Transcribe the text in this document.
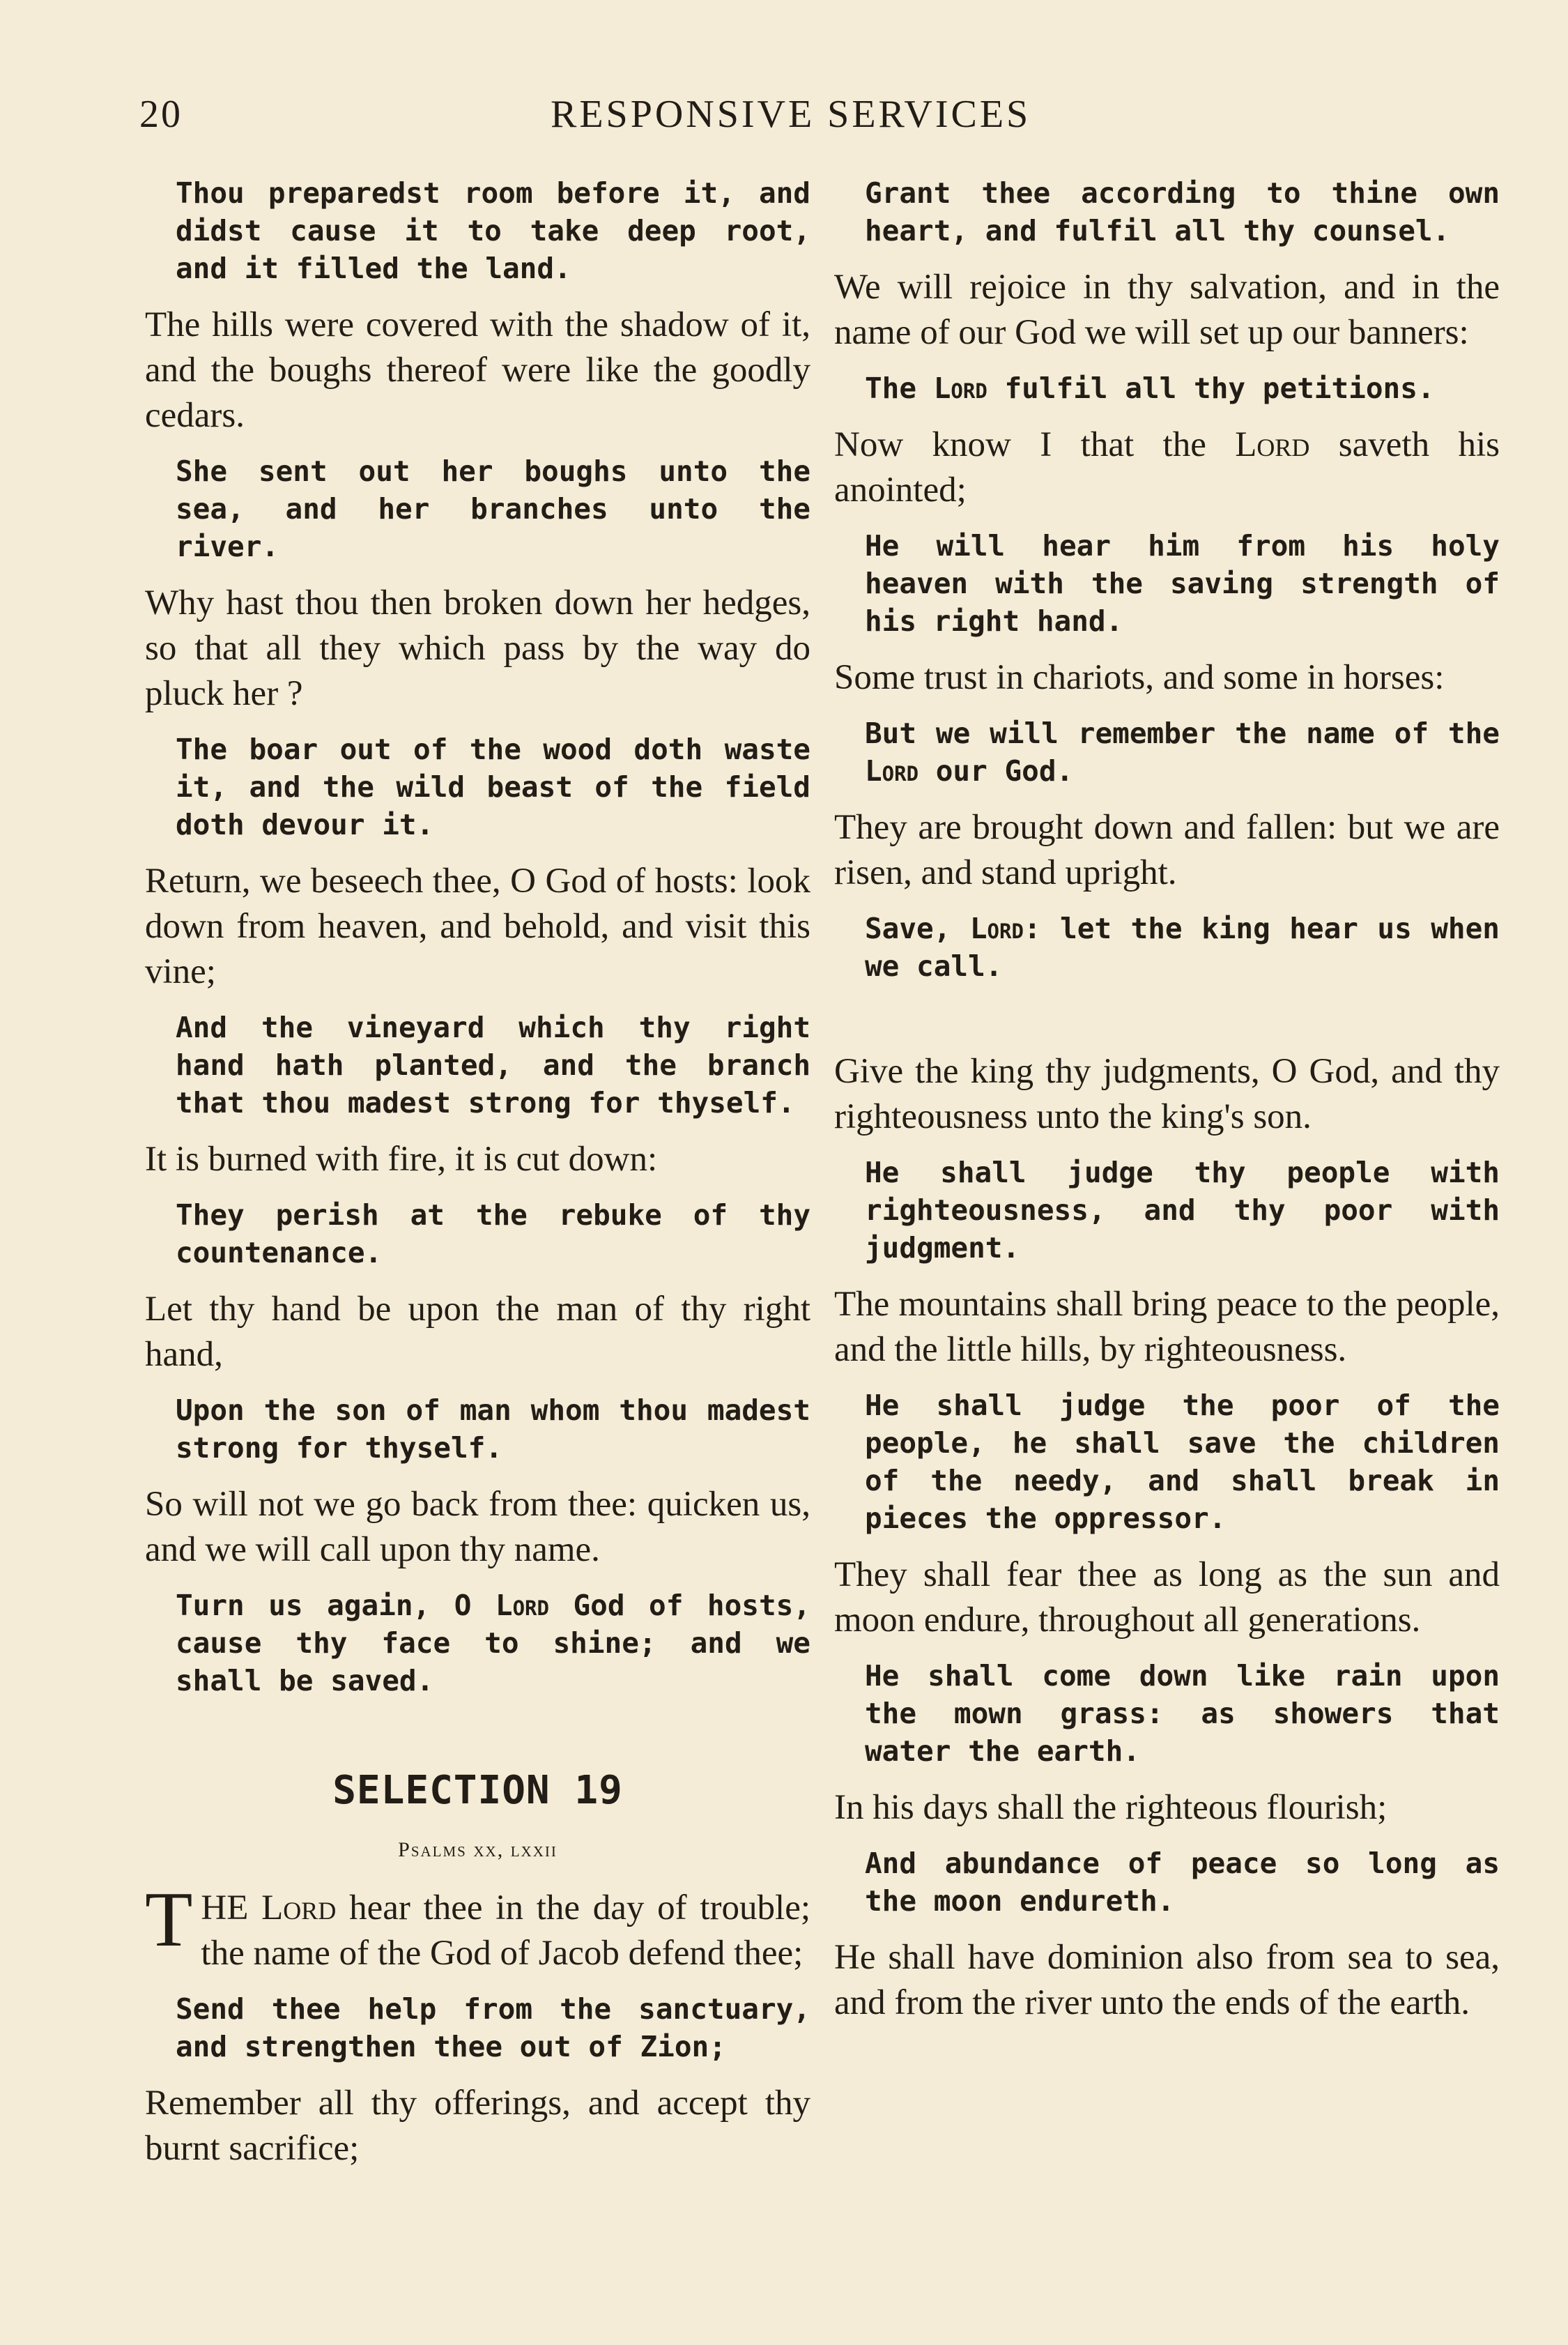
20	RESPONSIVE SERVICES

Thou preparedst room before it, and didst cause it to take deep root, and it filled the land.

The hills were covered with the shadow of it, and the boughs thereof were like the goodly cedars.

She sent out her boughs unto the sea, and her branches unto the river.

Why hast thou then broken down her hedges, so that all they which pass by the way do pluck her ?

The boar out of the wood doth waste it, and the wild beast of the field doth devour it.

Return, we beseech thee, O God of hosts: look down from heaven, and behold, and visit this vine;

And the vineyard which thy right hand hath planted, and the branch that thou madest strong for thyself.

It is burned with fire, it is cut down:

They perish at the rebuke of thy countenance.

Let thy hand be upon the man of thy right hand,

Upon the son of man whom thou madest strong for thyself.

So will not we go back from thee: quicken us, and we will call upon thy name.

Turn us again, O Lord God of hosts, cause thy face to shine; and we shall be saved.

SELECTION 19

Psalms xx, lxxii

THE Lord hear thee in the day of trouble; the name of the God of Jacob defend thee;

Send thee help from the sanctuary, and strengthen thee out of Zion;

Remember all thy offerings, and accept thy burnt sacrifice;

Grant thee according to thine own heart, and fulfil all thy counsel.

We will rejoice in thy salvation, and in the name of our God we will set up our banners:

The Lord fulfil all thy petitions.

Now know I that the Lord saveth his anointed;

He will hear him from his holy heaven with the saving strength of his right hand.

Some trust in chariots, and some in horses:

But we will remember the name of the Lord our God.

They are brought down and fallen: but we are risen, and stand upright.

Save, Lord: let the king hear us when we call.

Give the king thy judgments, O God, and thy righteousness unto the king's son.

He shall judge thy people with righteousness, and thy poor with judgment.

The mountains shall bring peace to the people, and the little hills, by righteousness.

He shall judge the poor of the people, he shall save the children of the needy, and shall break in pieces the oppressor.

They shall fear thee as long as the sun and moon endure, throughout all generations.

He shall come down like rain upon the mown grass: as showers that water the earth.

In his days shall the righteous flourish;

And abundance of peace so long as the moon endureth.

He shall have dominion also from sea to sea, and from the river unto the ends of the earth.
